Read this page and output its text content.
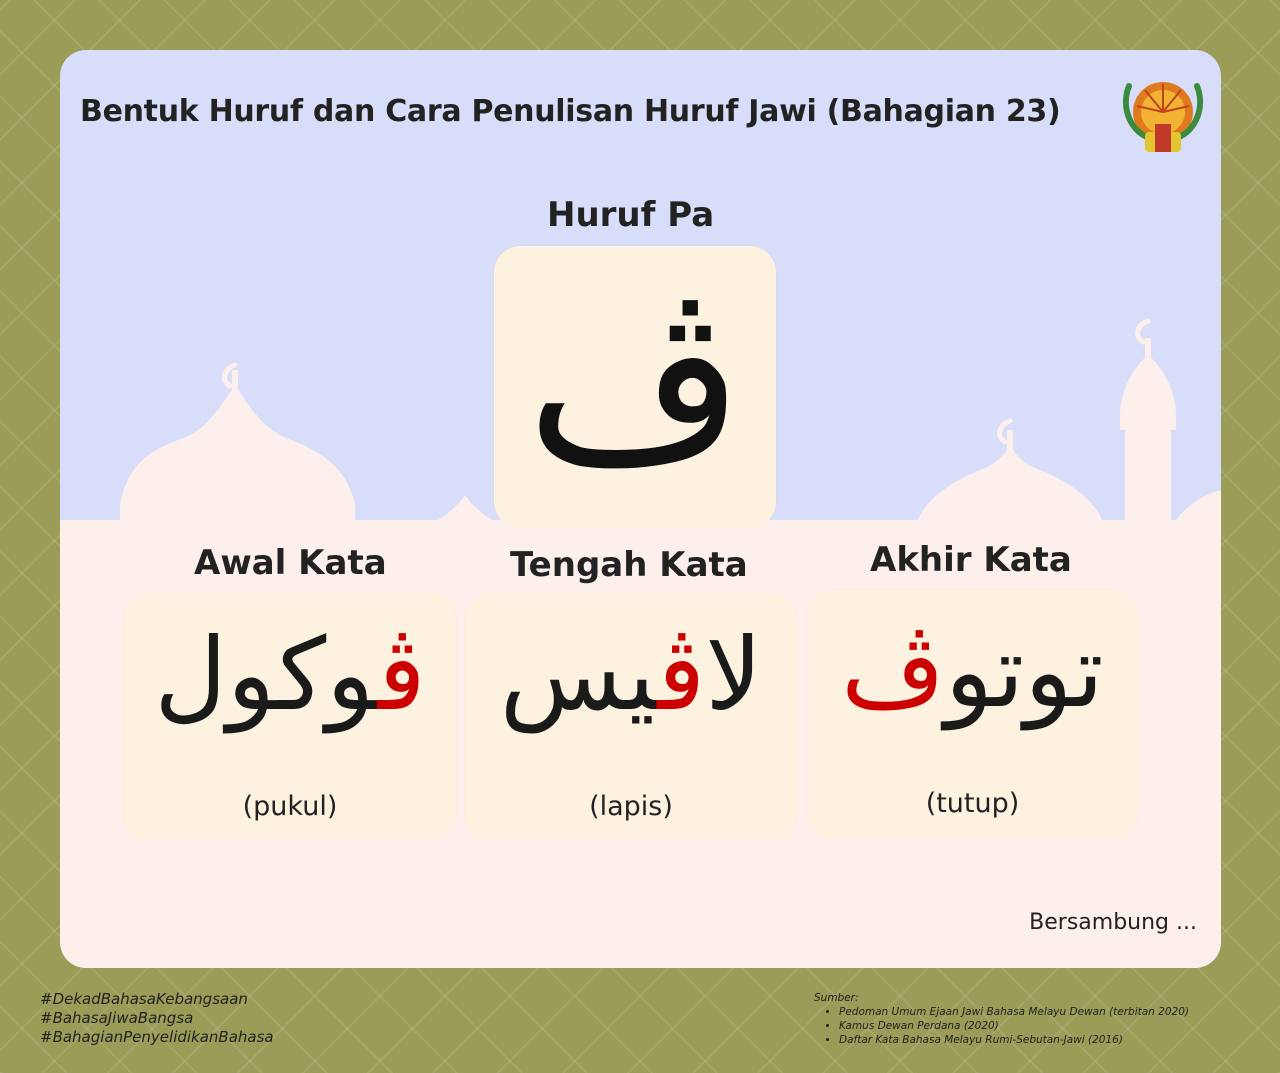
Bentuk Huruf dan Cara Penulisan Huruf Jawi (Bahagian 23)
Huruf Pa
ڤ
Awal Kata
ڤوكول
(pukul)
Tengah Kata
لاڤيس
(lapis)
Akhir Kata
توتوڤ
(tutup)

Bersambung ...

#DekadBahasaKebangsaan
#BahasaJiwaBangsa
#BahagianPenyelidikanBahasa
Sumber:
• Pedoman Umum Ejaan Jawi Bahasa Melayu Dewan (terbitan 2020)
• Kamus Dewan Perdana (2020)
• Daftar Kata Bahasa Melayu Rumi-Sebutan-Jawi (2016)
